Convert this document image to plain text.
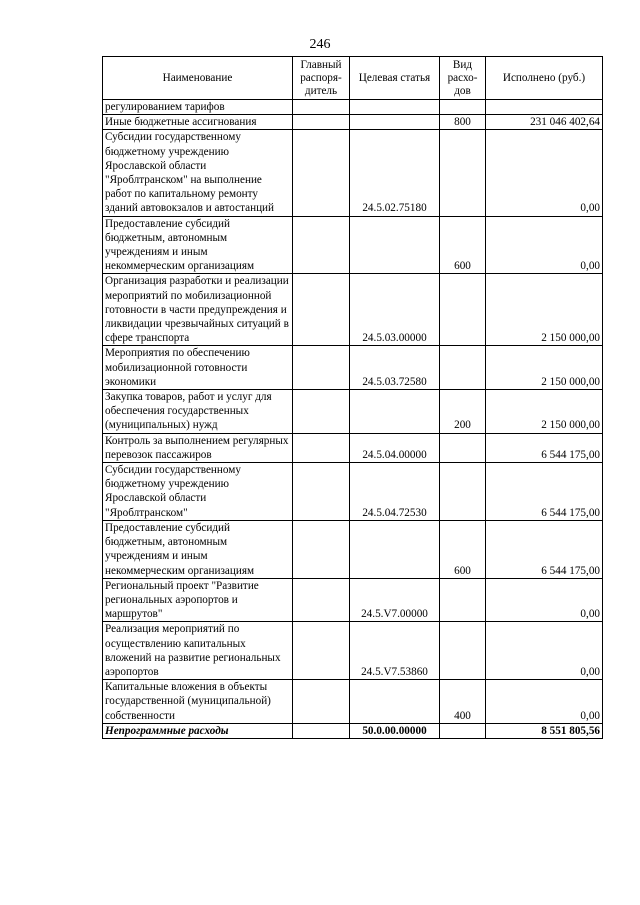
246
Наименование	Главный распоря-дитель	Целевая статья	Вид расхо-дов	Исполнено (руб.)
регулированием тарифов				
Иные бюджетные ассигнования			800	231 046 402,64
Субсидии государственному бюджетному учреждению Ярославской области "Яроблтранском" на выполнение работ по капитальному ремонту зданий автовокзалов и автостанций		24.5.02.75180		0,00
Предоставление субсидий бюджетным, автономным учреждениям и иным некоммерческим организациям			600	0,00
Организация разработки и реализации мероприятий по мобилизационной готовности в части предупреждения и ликвидации чрезвычайных ситуаций в сфере транспорта		24.5.03.00000		2 150 000,00
Мероприятия по обеспечению мобилизационной готовности экономики		24.5.03.72580		2 150 000,00
Закупка товаров, работ и услуг для обеспечения государственных (муниципальных) нужд			200	2 150 000,00
Контроль за выполнением регулярных перевозок пассажиров		24.5.04.00000		6 544 175,00
Субсидии государственному бюджетному учреждению Ярославской области "Яроблтранском"		24.5.04.72530		6 544 175,00
Предоставление субсидий бюджетным, автономным учреждениям и иным некоммерческим организациям			600	6 544 175,00
Региональный проект "Развитие региональных аэропортов и маршрутов"		24.5.V7.00000		0,00
Реализация мероприятий по осуществлению капитальных вложений на развитие региональных аэропортов		24.5.V7.53860		0,00
Капитальные вложения в объекты государственной (муниципальной) собственности			400	0,00
Непрограммные расходы		50.0.00.00000		8 551 805,56
